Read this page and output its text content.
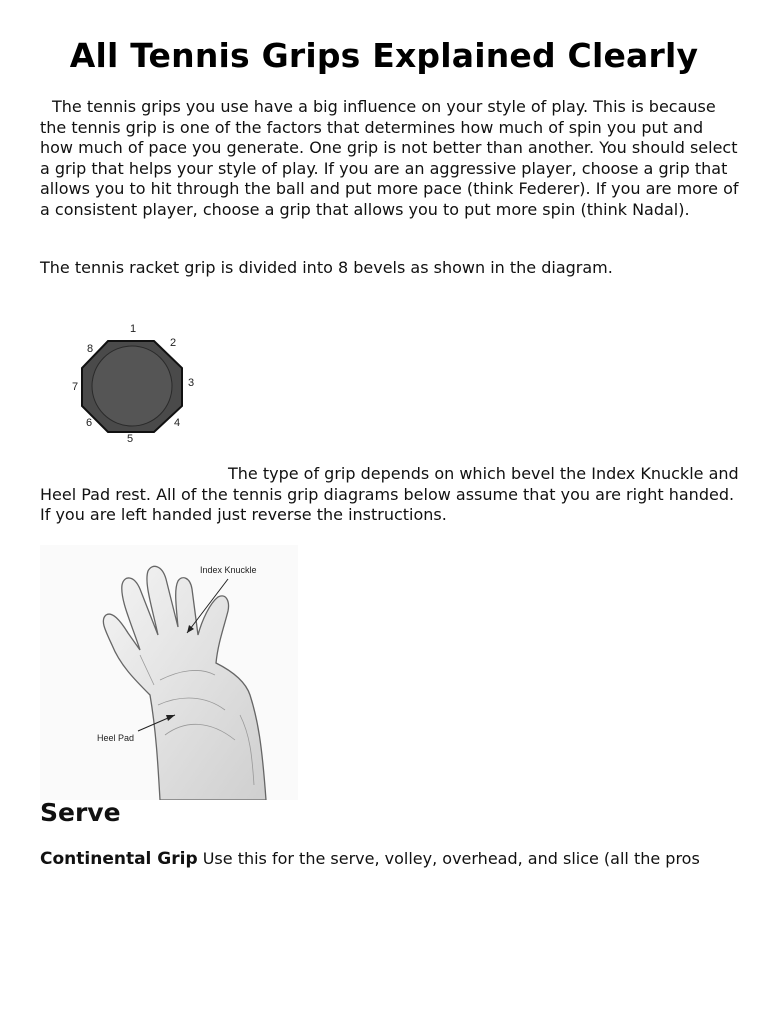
All Tennis Grips Explained Clearly

The tennis grips you use have a big influence on your style of play. This is because the tennis grip is one of the factors that determines how much of spin you put and how much of pace you generate. One grip is not better than another. You should select a grip that helps your style of play. If you are an aggressive player, choose a grip that allows you to hit through the ball and put more pace (think Federer). If you are more of a consistent player, choose a grip that allows you to put more spin (think Nadal).

The tennis racket grip is divided into 8 bevels as shown in the diagram.

1
2
3
4
5
6
7
8

The type of grip depends on which bevel the Index Knuckle and Heel Pad rest. All of the tennis grip diagrams below assume that you are right handed. If you are left handed just reverse the instructions.

Index Knuckle
Heel Pad
Serve

Continental Grip Use this for the serve, volley, overhead, and slice (all the pros
